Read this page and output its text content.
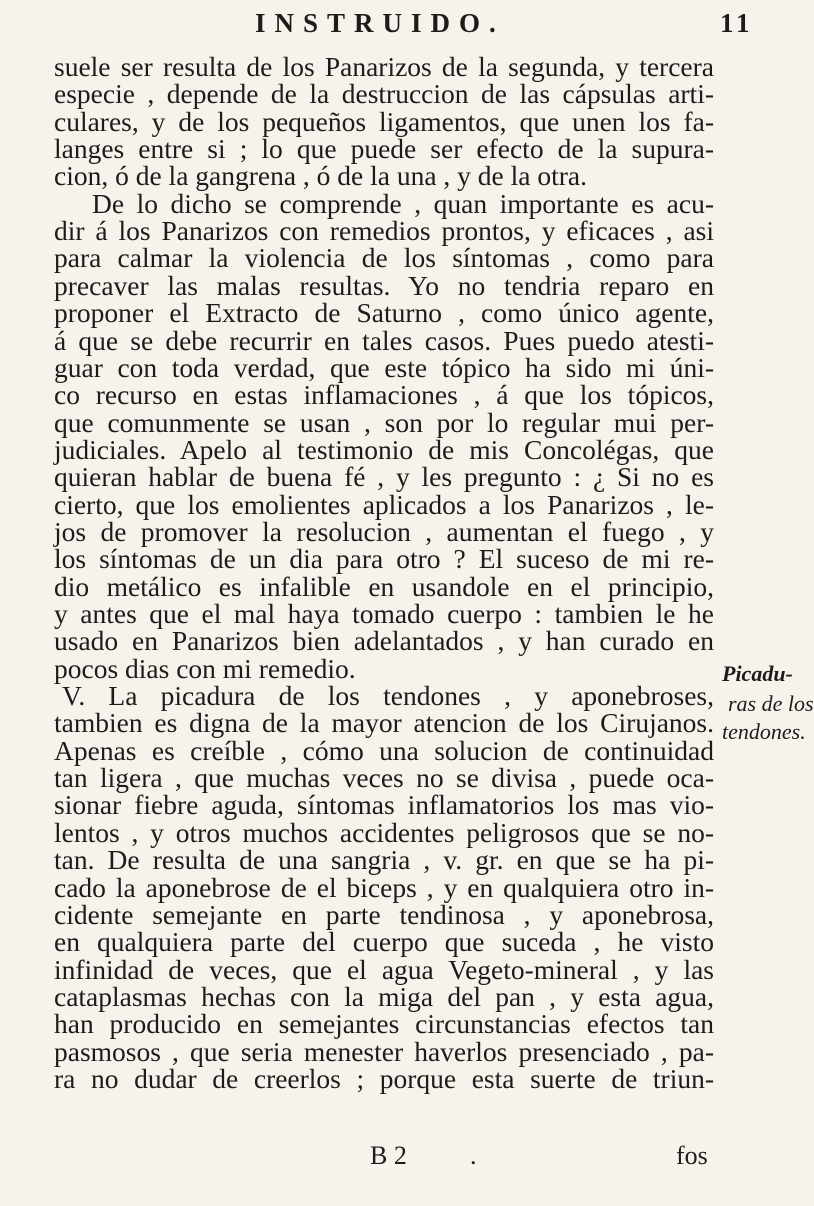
INSTRUIDO.	11
suele ser resulta de los Panarizos de la segunda, y tercera
especie , depende de la destruccion de las cápsulas arti-
culares, y de los pequeños ligamentos, que unen los fa-
langes entre si ; lo que puede ser efecto de la supura-
cion, ó de la gangrena , ó de la una , y de la otra.
De lo dicho se comprende , quan importante es acu-
dir á los Panarizos con remedios prontos, y eficaces , asi
para calmar la violencia de los síntomas , como para
precaver las malas resultas. Yo no tendria reparo en
proponer el Extracto de Saturno , como único agente,
á que se debe recurrir en tales casos. Pues puedo atesti-
guar con toda verdad, que este tópico ha sido mi úni-
co recurso en estas inflamaciones , á que los tópicos,
que comunmente se usan , son por lo regular mui per-
judiciales. Apelo al testimonio de mis Concolégas, que
quieran hablar de buena fé , y les pregunto : ¿ Si no es
cierto, que los emolientes aplicados a los Panarizos , le-
jos de promover la resolucion , aumentan el fuego , y
los síntomas de un dia para otro ? El suceso de mi re-
dio metálico es infalible en usandole en el principio,
y antes que el mal haya tomado cuerpo : tambien le he
usado en Panarizos bien adelantados , y han curado en
pocos dias con mi remedio.
V. La picadura de los tendones , y aponebroses,
tambien es digna de la mayor atencion de los Cirujanos.
Apenas es creíble , cómo una solucion de continuidad
tan ligera , que muchas veces no se divisa , puede oca-
sionar fiebre aguda, síntomas inflamatorios los mas vio-
lentos , y otros muchos accidentes peligrosos que se no-
tan. De resulta de una sangria , v. gr. en que se ha pi-
cado la aponebrose de el biceps , y en qualquiera otro in-
cidente semejante en parte tendinosa , y aponebrosa,
en qualquiera parte del cuerpo que suceda , he visto
infinidad de veces, que el agua Vegeto-mineral , y las
cataplasmas hechas con la miga del pan , y esta agua,
han producido en semejantes circunstancias efectos tan
pasmosos , que seria menester haverlos presenciado , pa-
ra no dudar de creerlos ; porque esta suerte de triun-
Picadu-
ras de los
tendones.
B 2 .	fos
